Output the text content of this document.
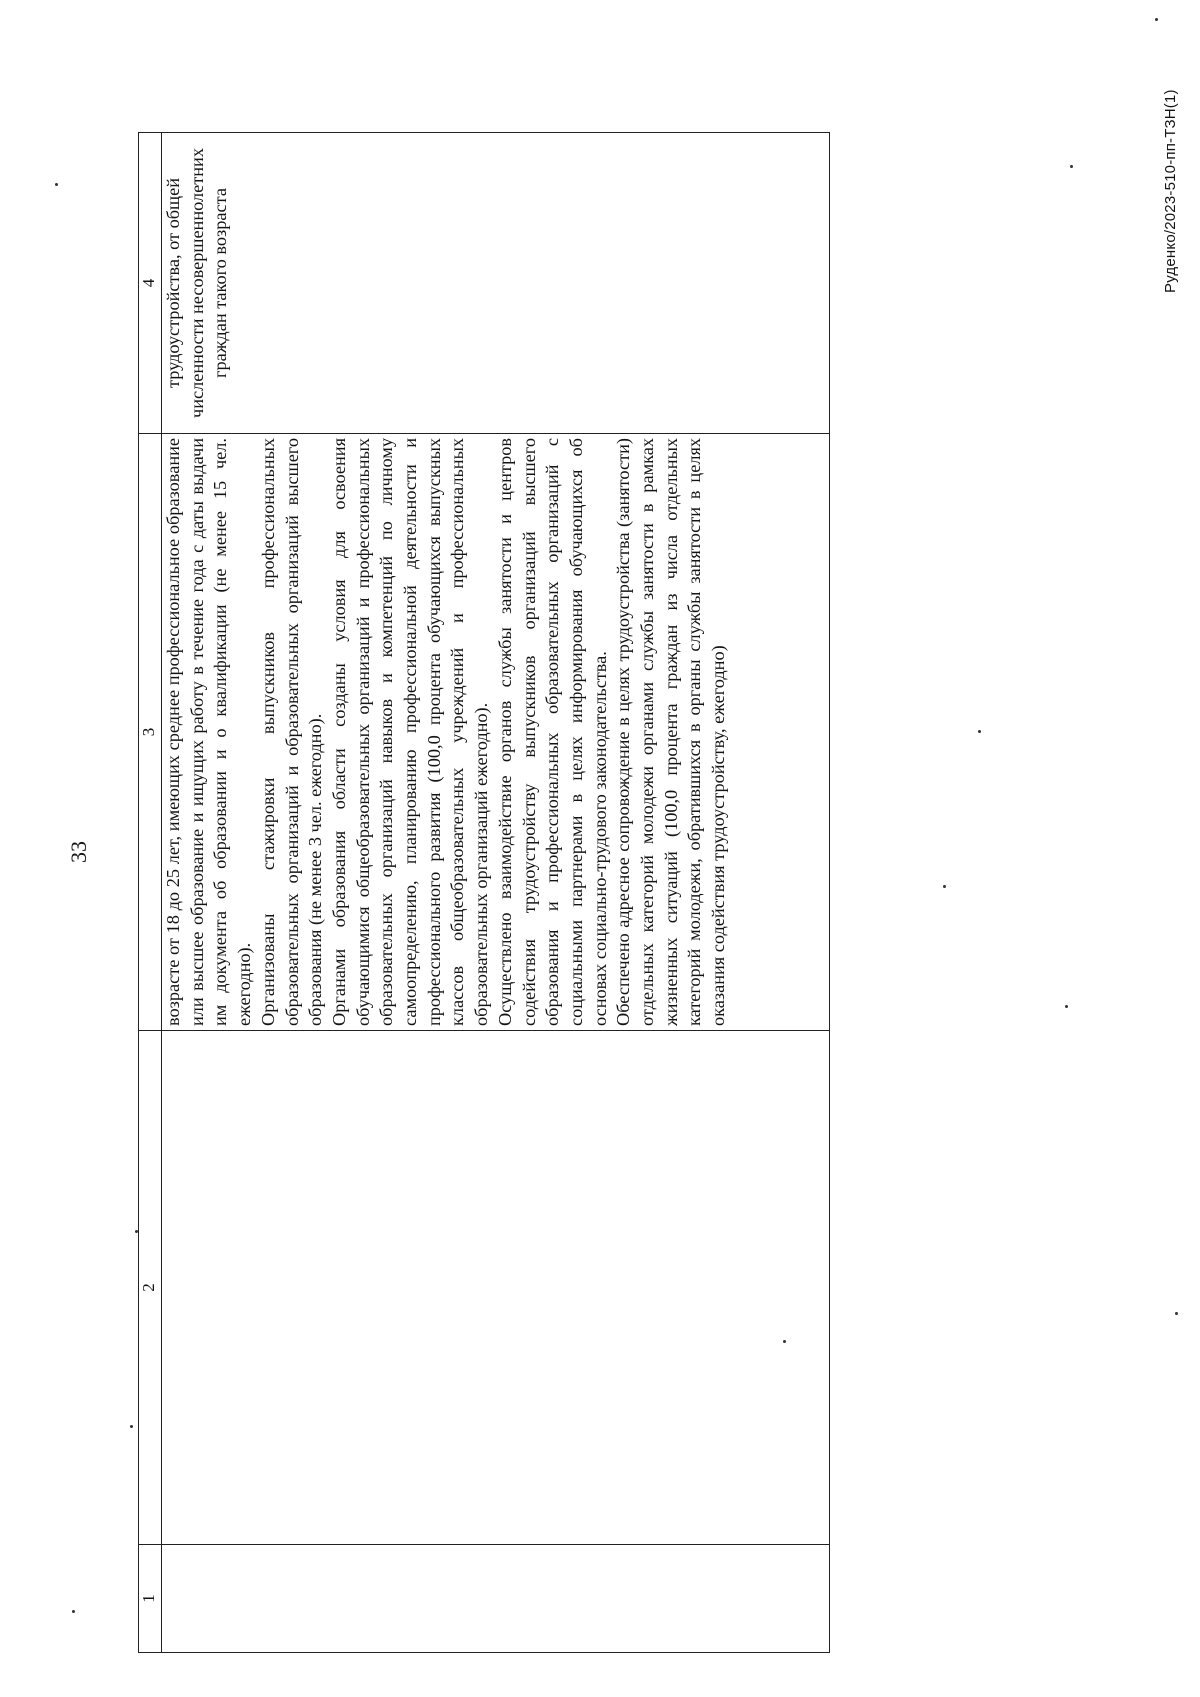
33
1	2	3	4

		возрасте от 18 до 25 лет, имеющих среднее профессиональное образование или высшее образование и ищущих работу в течение года с даты выдачи им документа об образовании и о квалификации (не менее 15 чел. ежегодно). Организованы стажировки выпускников профессиональных образовательных организаций и образовательных организаций высшего образования (не менее 3 чел. ежегодно). Органами образования области созданы условия для освоения обучающимися общеобразовательных организаций и профессиональных образовательных организаций навыков и компетенций по личному самоопределению, планированию профессиональной деятельности и профессионального развития (100,0 процента обучающихся выпускных классов общеобразовательных учреждений и профессиональных образовательных организаций ежегодно). Осуществлено взаимодействие органов службы занятости и центров содействия трудоустройству выпускников организаций высшего образования и профессиональных образовательных организаций с социальными партнерами в целях информирования обучающихся об основах социально-трудового законодательства. Обеспечено адресное сопровождение в целях трудоустройства (занятости) отдельных категорий молодежи органами службы занятости в рамках жизненных ситуаций (100,0 процента граждан из числа отдельных категорий молодежи, обратившихся в органы службы занятости в целях оказания содействия трудоустройству, ежегодно)	трудоустройства, от общей численности несовершеннолетних граждан такого возраста	Руденко/2023-510-пп-ТЗН(1)
